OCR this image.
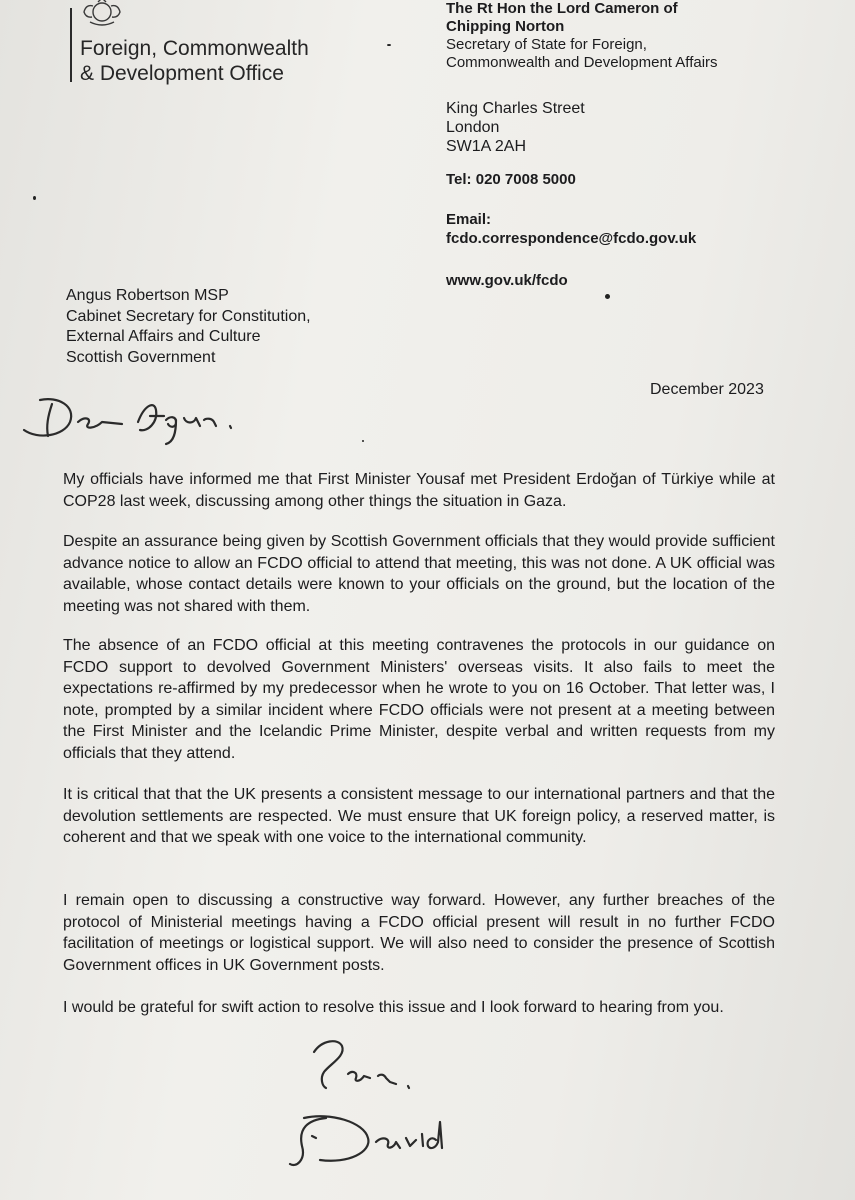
Foreign, Commonwealth
& Development Office
The Rt Hon the Lord Cameron of
Chipping Norton
Secretary of State for Foreign,
Commonwealth and Development Affairs
King Charles Street
London
SW1A 2AH
Tel: 020 7008 5000
Email:
fcdo.correspondence@fcdo.gov.uk
www.gov.uk/fcdo
Angus Robertson MSP
Cabinet Secretary for Constitution,
External Affairs and Culture
Scottish Government
December 2023
My officials have informed me that First Minister Yousaf met President Erdoğan of Türkiye while at COP28 last week, discussing among other things the situation in Gaza.
Despite an assurance being given by Scottish Government officials that they would provide sufficient advance notice to allow an FCDO official to attend that meeting, this was not done. A UK official was available, whose contact details were known to your officials on the ground, but the location of the meeting was not shared with them.
The absence of an FCDO official at this meeting contravenes the protocols in our guidance on FCDO support to devolved Government Ministers' overseas visits. It also fails to meet the expectations re-affirmed by my predecessor when he wrote to you on 16 October. That letter was, I note, prompted by a similar incident where FCDO officials were not present at a meeting between the First Minister and the Icelandic Prime Minister, despite verbal and written requests from my officials that they attend.
It is critical that that the UK presents a consistent message to our international partners and that the devolution settlements are respected. We must ensure that UK foreign policy, a reserved matter, is coherent and that we speak with one voice to the international community.
I remain open to discussing a constructive way forward. However, any further breaches of the protocol of Ministerial meetings having a FCDO official present will result in no further FCDO facilitation of meetings or logistical support. We will also need to consider the presence of Scottish Government offices in UK Government posts.
I would be grateful for swift action to resolve this issue and I look forward to hearing from you.
